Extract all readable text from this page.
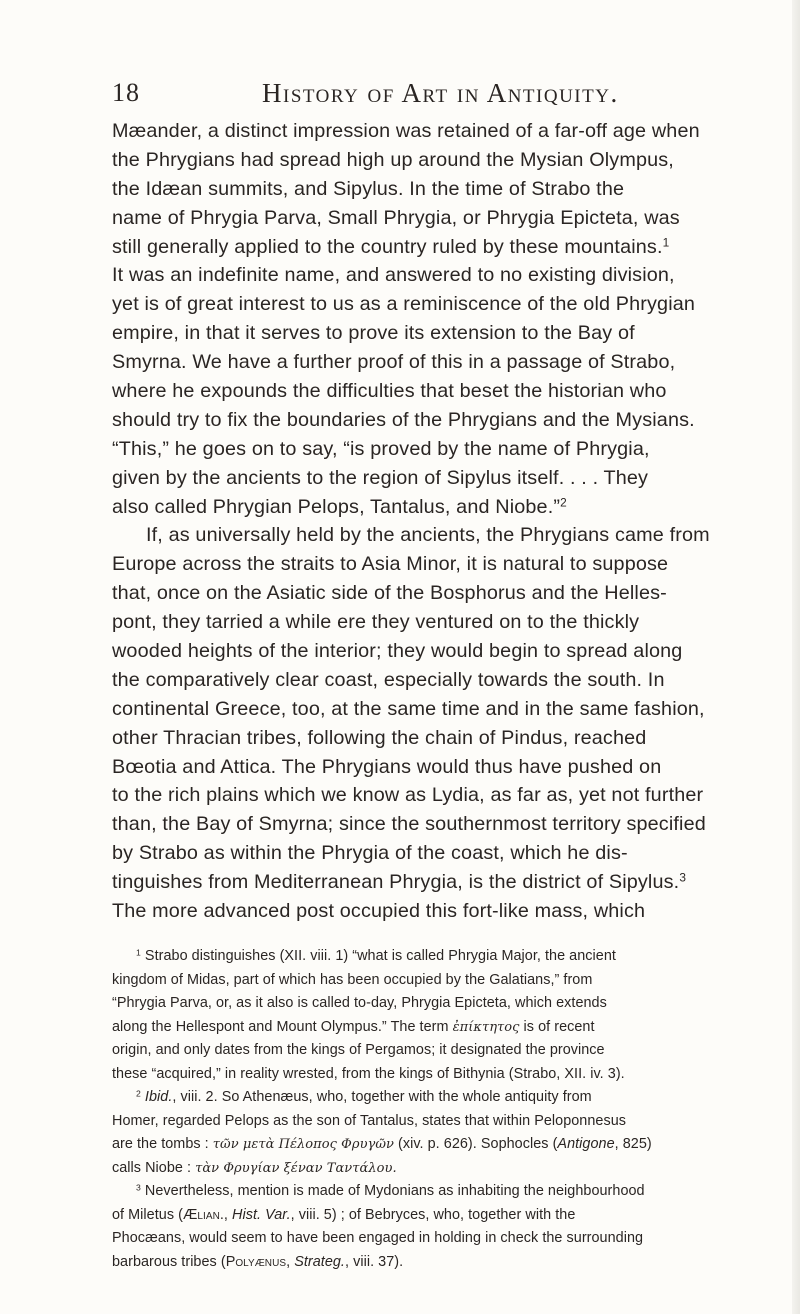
18	History of Art in Antiquity.
Mæander, a distinct impression was retained of a far-off age when
the Phrygians had spread high up around the Mysian Olympus,
the Idæan summits, and Sipylus. In the time of Strabo the
name of Phrygia Parva, Small Phrygia, or Phrygia Epicteta, was
still generally applied to the country ruled by these mountains.$^1$
It was an indefinite name, and answered to no existing division,
yet is of great interest to us as a reminiscence of the old Phrygian
empire, in that it serves to prove its extension to the Bay of
Smyrna. We have a further proof of this in a passage of Strabo,
where he expounds the difficulties that beset the historian who
should try to fix the boundaries of the Phrygians and the Mysians.
“This,” he goes on to say, “is proved by the name of Phrygia,
given by the ancients to the region of Sipylus itself. . . . They
also called Phrygian Pelops, Tantalus, and Niobe.”$^2$
If, as universally held by the ancients, the Phrygians came from
Europe across the straits to Asia Minor, it is natural to suppose
that, once on the Asiatic side of the Bosphorus and the Helles-
pont, they tarried a while ere they ventured on to the thickly
wooded heights of the interior; they would begin to spread along
the comparatively clear coast, especially towards the south. In
continental Greece, too, at the same time and in the same fashion,
other Thracian tribes, following the chain of Pindus, reached
Bœotia and Attica. The Phrygians would thus have pushed on
to the rich plains which we know as Lydia, as far as, yet not further
than, the Bay of Smyrna; since the southernmost territory specified
by Strabo as within the Phrygia of the coast, which he dis-
tinguishes from Mediterranean Phrygia, is the district of Sipylus.$^3$
The more advanced post occupied this fort-like mass, which
$^1$ Strabo distinguishes (XII. viii. 1) “what is called Phrygia Major, the ancient
kingdom of Midas, part of which has been occupied by the Galatians,” from
“Phrygia Parva, or, as it also is called to-day, Phrygia Epicteta, which extends
along the Hellespont and Mount Olympus.” The term ἐπίκτητος is of recent
origin, and only dates from the kings of Pergamos; it designated the province
these “acquired,” in reality wrested, from the kings of Bithynia (Strabo, XII. iv. 3).
$^2$ Ibid., viii. 2. So Athenæus, who, together with the whole antiquity from
Homer, regarded Pelops as the son of Tantalus, states that within Peloponnesus
are the tombs : τῶν μετὰ Πέλοπος Φρυγῶν (xiv. p. 626). Sophocles (Antigone, 825)
calls Niobe : τὰν Φρυγίαν ξέναν Ταντάλου.
$^3$ Nevertheless, mention is made of Mydonians as inhabiting the neighbourhood
of Miletus (Ælian., Hist. Var., viii. 5) ; of Bebryces, who, together with the
Phocæans, would seem to have been engaged in holding in check the surrounding
barbarous tribes (Polyænus, Strateg., viii. 37).
